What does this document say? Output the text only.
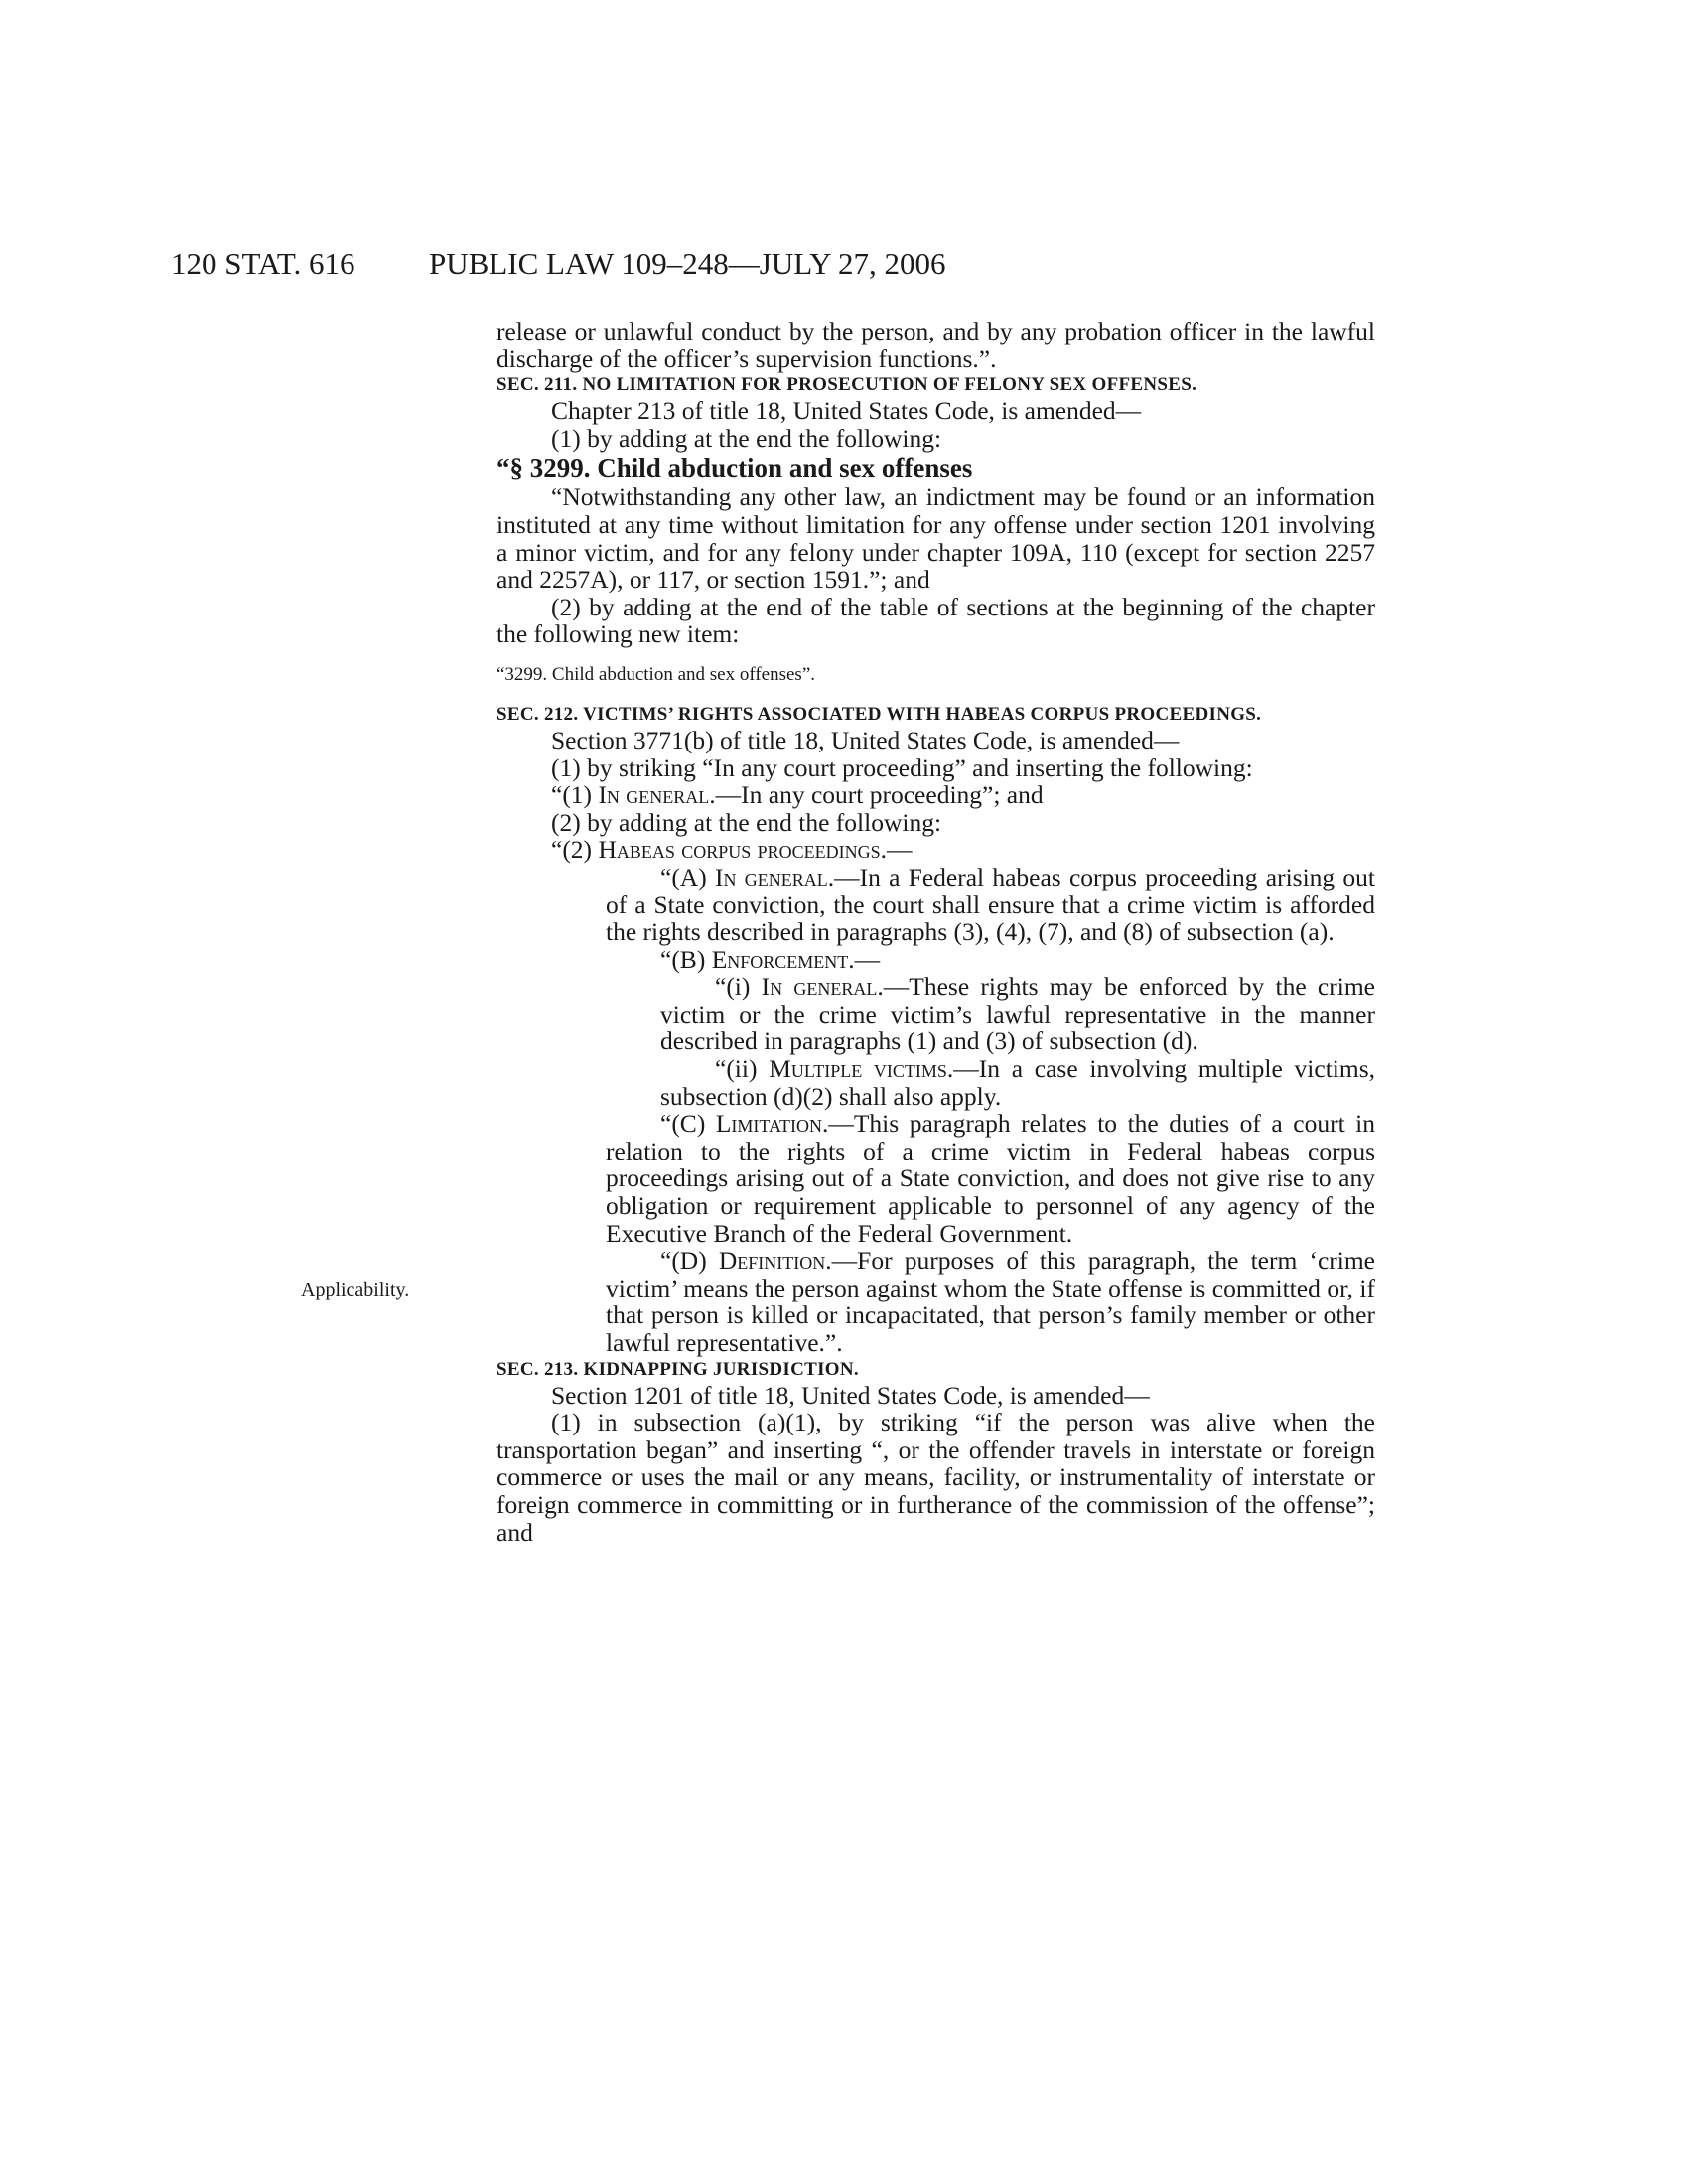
120 STAT. 616 PUBLIC LAW 109–248—JULY 27, 2006
Applicability.

release or unlawful conduct by the person, and by any probation officer in the lawful discharge of the officer’s supervision functions.”.

SEC. 211. NO LIMITATION FOR PROSECUTION OF FELONY SEX OFFENSES.

Chapter 213 of title 18, United States Code, is amended—

(1) by adding at the end the following:

“§ 3299. Child abduction and sex offenses

“Notwithstanding any other law, an indictment may be found or an information instituted at any time without limitation for any offense under section 1201 involving a minor victim, and for any felony under chapter 109A, 110 (except for section 2257 and 2257A), or 117, or section 1591.”; and

(2) by adding at the end of the table of sections at the beginning of the chapter the following new item:

“3299. Child abduction and sex offenses”.

SEC. 212. VICTIMS’ RIGHTS ASSOCIATED WITH HABEAS CORPUS PROCEEDINGS.

Section 3771(b) of title 18, United States Code, is amended—

(1) by striking “In any court proceeding” and inserting the following:

“(1) In general.—In any court proceeding”; and

(2) by adding at the end the following:

“(2) Habeas corpus proceedings.—

“(A) In general.—In a Federal habeas corpus proceeding arising out of a State conviction, the court shall ensure that a crime victim is afforded the rights described in paragraphs (3), (4), (7), and (8) of subsection (a).

“(B) Enforcement.—

“(i) In general.—These rights may be enforced by the crime victim or the crime victim’s lawful representative in the manner described in paragraphs (1) and (3) of subsection (d).

“(ii) Multiple victims.—In a case involving multiple victims, subsection (d)(2) shall also apply.

“(C) Limitation.—This paragraph relates to the duties of a court in relation to the rights of a crime victim in Federal habeas corpus proceedings arising out of a State conviction, and does not give rise to any obligation or requirement applicable to personnel of any agency of the Executive Branch of the Federal Government.

“(D) Definition.—For purposes of this paragraph, the term ‘crime victim’ means the person against whom the State offense is committed or, if that person is killed or incapacitated, that person’s family member or other lawful representative.”.

SEC. 213. KIDNAPPING JURISDICTION.

Section 1201 of title 18, United States Code, is amended—

(1) in subsection (a)(1), by striking “if the person was alive when the transportation began” and inserting “, or the offender travels in interstate or foreign commerce or uses the mail or any means, facility, or instrumentality of interstate or foreign commerce in committing or in furtherance of the commission of the offense”; and
